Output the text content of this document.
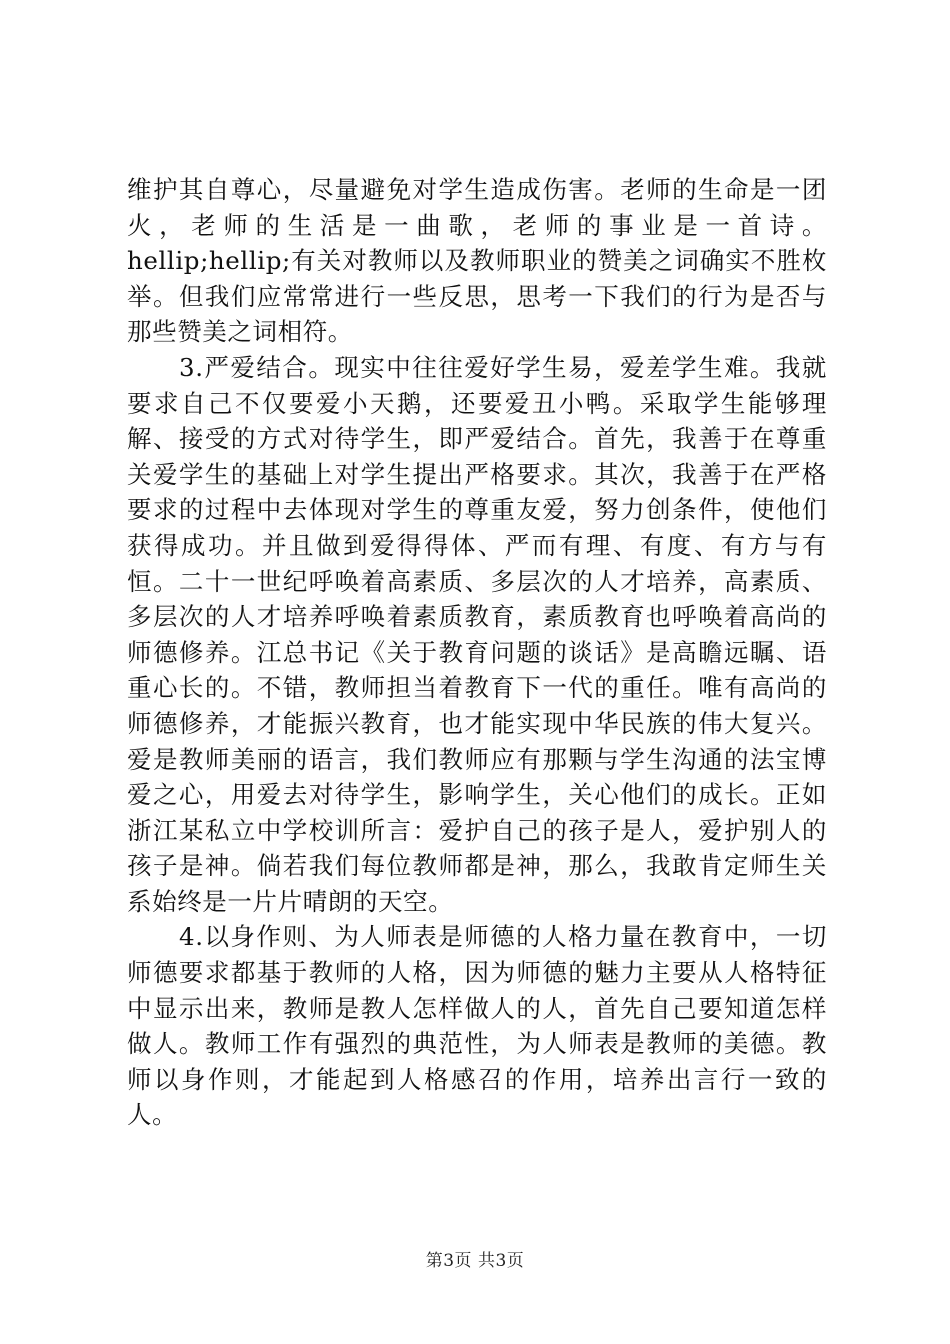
维护其自尊心，尽量避免对学生造成伤害。老师的生命是一团火，老师的生活是一曲歌，老师的事业是一首诗。hellip;hellip;有关对教师以及教师职业的赞美之词确实不胜枚举。但我们应常常进行一些反思，思考一下我们的行为是否与那些赞美之词相符。

3.严爱结合。现实中往往爱好学生易，爱差学生难。我就要求自己不仅要爱小天鹅，还要爱丑小鸭。采取学生能够理解、接受的方式对待学生，即严爱结合。首先，我善于在尊重关爱学生的基础上对学生提出严格要求。其次，我善于在严格要求的过程中去体现对学生的尊重友爱，努力创条件，使他们获得成功。并且做到爱得得体、严而有理、有度、有方与有恒。二十一世纪呼唤着高素质、多层次的人才培养，高素质、多层次的人才培养呼唤着素质教育，素质教育也呼唤着高尚的师德修养。江总书记《关于教育问题的谈话》是高瞻远瞩、语重心长的。不错，教师担当着教育下一代的重任。唯有高尚的师德修养，才能振兴教育，也才能实现中华民族的伟大复兴。爱是教师美丽的语言，我们教师应有那颗与学生沟通的法宝博爱之心，用爱去对待学生，影响学生，关心他们的成长。正如浙江某私立中学校训所言：爱护自己的孩子是人，爱护别人的孩子是神。倘若我们每位教师都是神，那么，我敢肯定师生关系始终是一片片晴朗的天空。

4.以身作则、为人师表是师德的人格力量在教育中，一切师德要求都基于教师的人格，因为师德的魅力主要从人格特征中显示出来，教师是教人怎样做人的人，首先自己要知道怎样做人。教师工作有强烈的典范性，为人师表是教师的美德。教师以身作则，才能起到人格感召的作用，培养出言行一致的人。

第3页 共3页
